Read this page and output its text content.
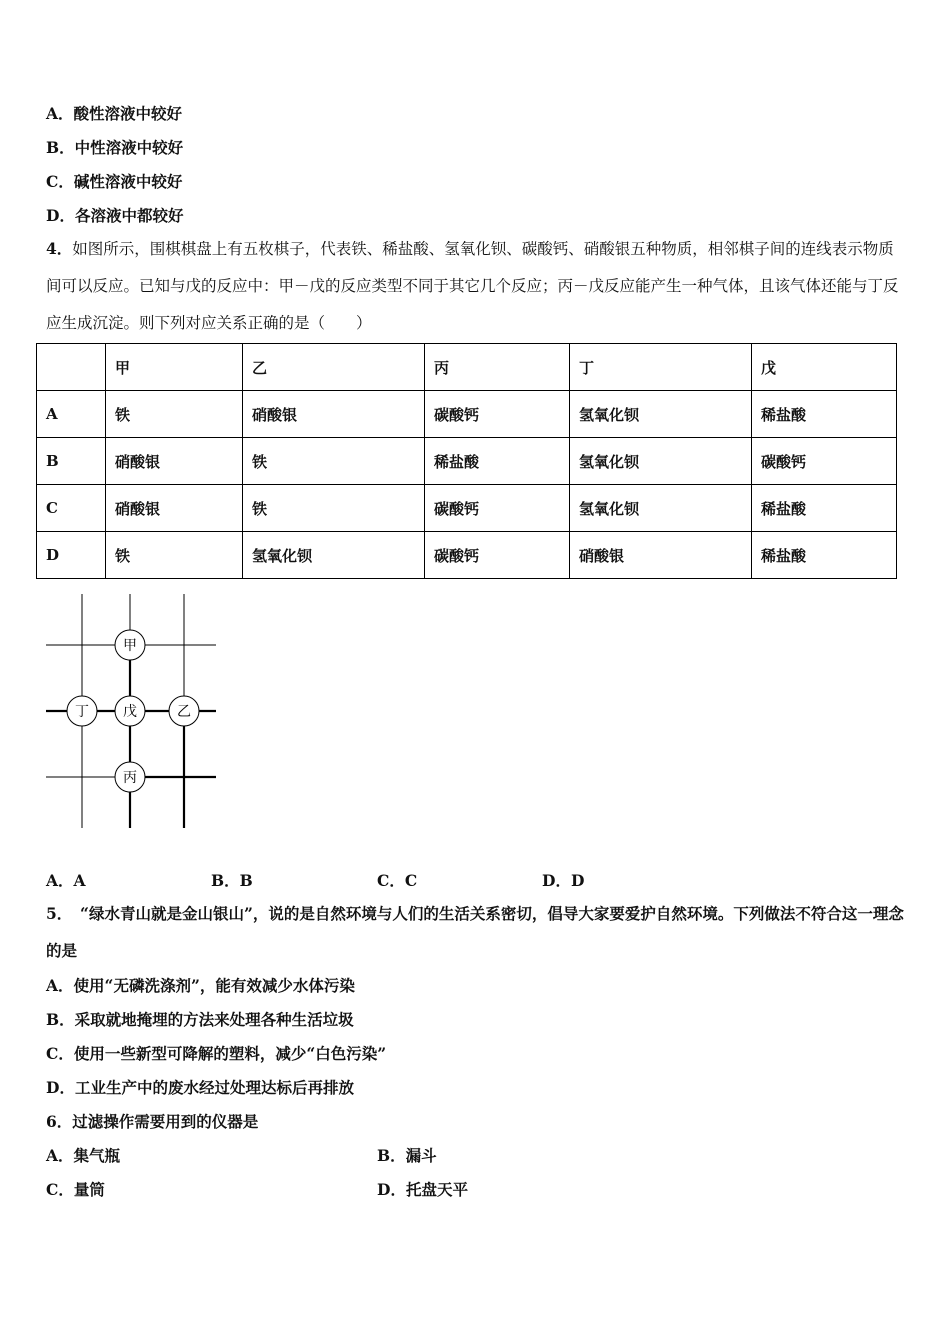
A．酸性溶液中较好
B．中性溶液中较好
C．碱性溶液中较好
D．各溶液中都较好
4．如图所示，围棋棋盘上有五枚棋子，代表铁、稀盐酸、氢氧化钡、碳酸钙、硝酸银五种物质，相邻棋子间的连线表示物质间可以反应。已知与戊的反应中：甲－戊的反应类型不同于其它几个反应；丙－戊反应能产生一种气体，且该气体还能与丁反应生成沉淀。则下列对应关系正确的是（　　）
	甲	乙	丙	丁	戊
A	铁	硝酸银	碳酸钙	氢氧化钡	稀盐酸
B	硝酸银	铁	稀盐酸	氢氧化钡	碳酸钙
C	硝酸银	铁	碳酸钙	氢氧化钡	稀盐酸
D	铁	氢氧化钡	碳酸钙	硝酸银	稀盐酸
甲
丁 戊	乙
丙
A．A	B．B	C．C	D．D
5．　“绿水青山就是金山银山”，说的是自然环境与人们的生活关系密切，倡导大家要爱护自然环境。下列做法不符合这一理念的是
A．使用“无磷洗涤剂”，能有效减少水体污染
B．采取就地掩埋的方法来处理各种生活垃圾
C．使用一些新型可降解的塑料，减少“白色污染”
D．工业生产中的废水经过处理达标后再排放
6．过滤操作需要用到的仪器是
A．集气瓶	B．漏斗
C．量筒	D．托盘天平
